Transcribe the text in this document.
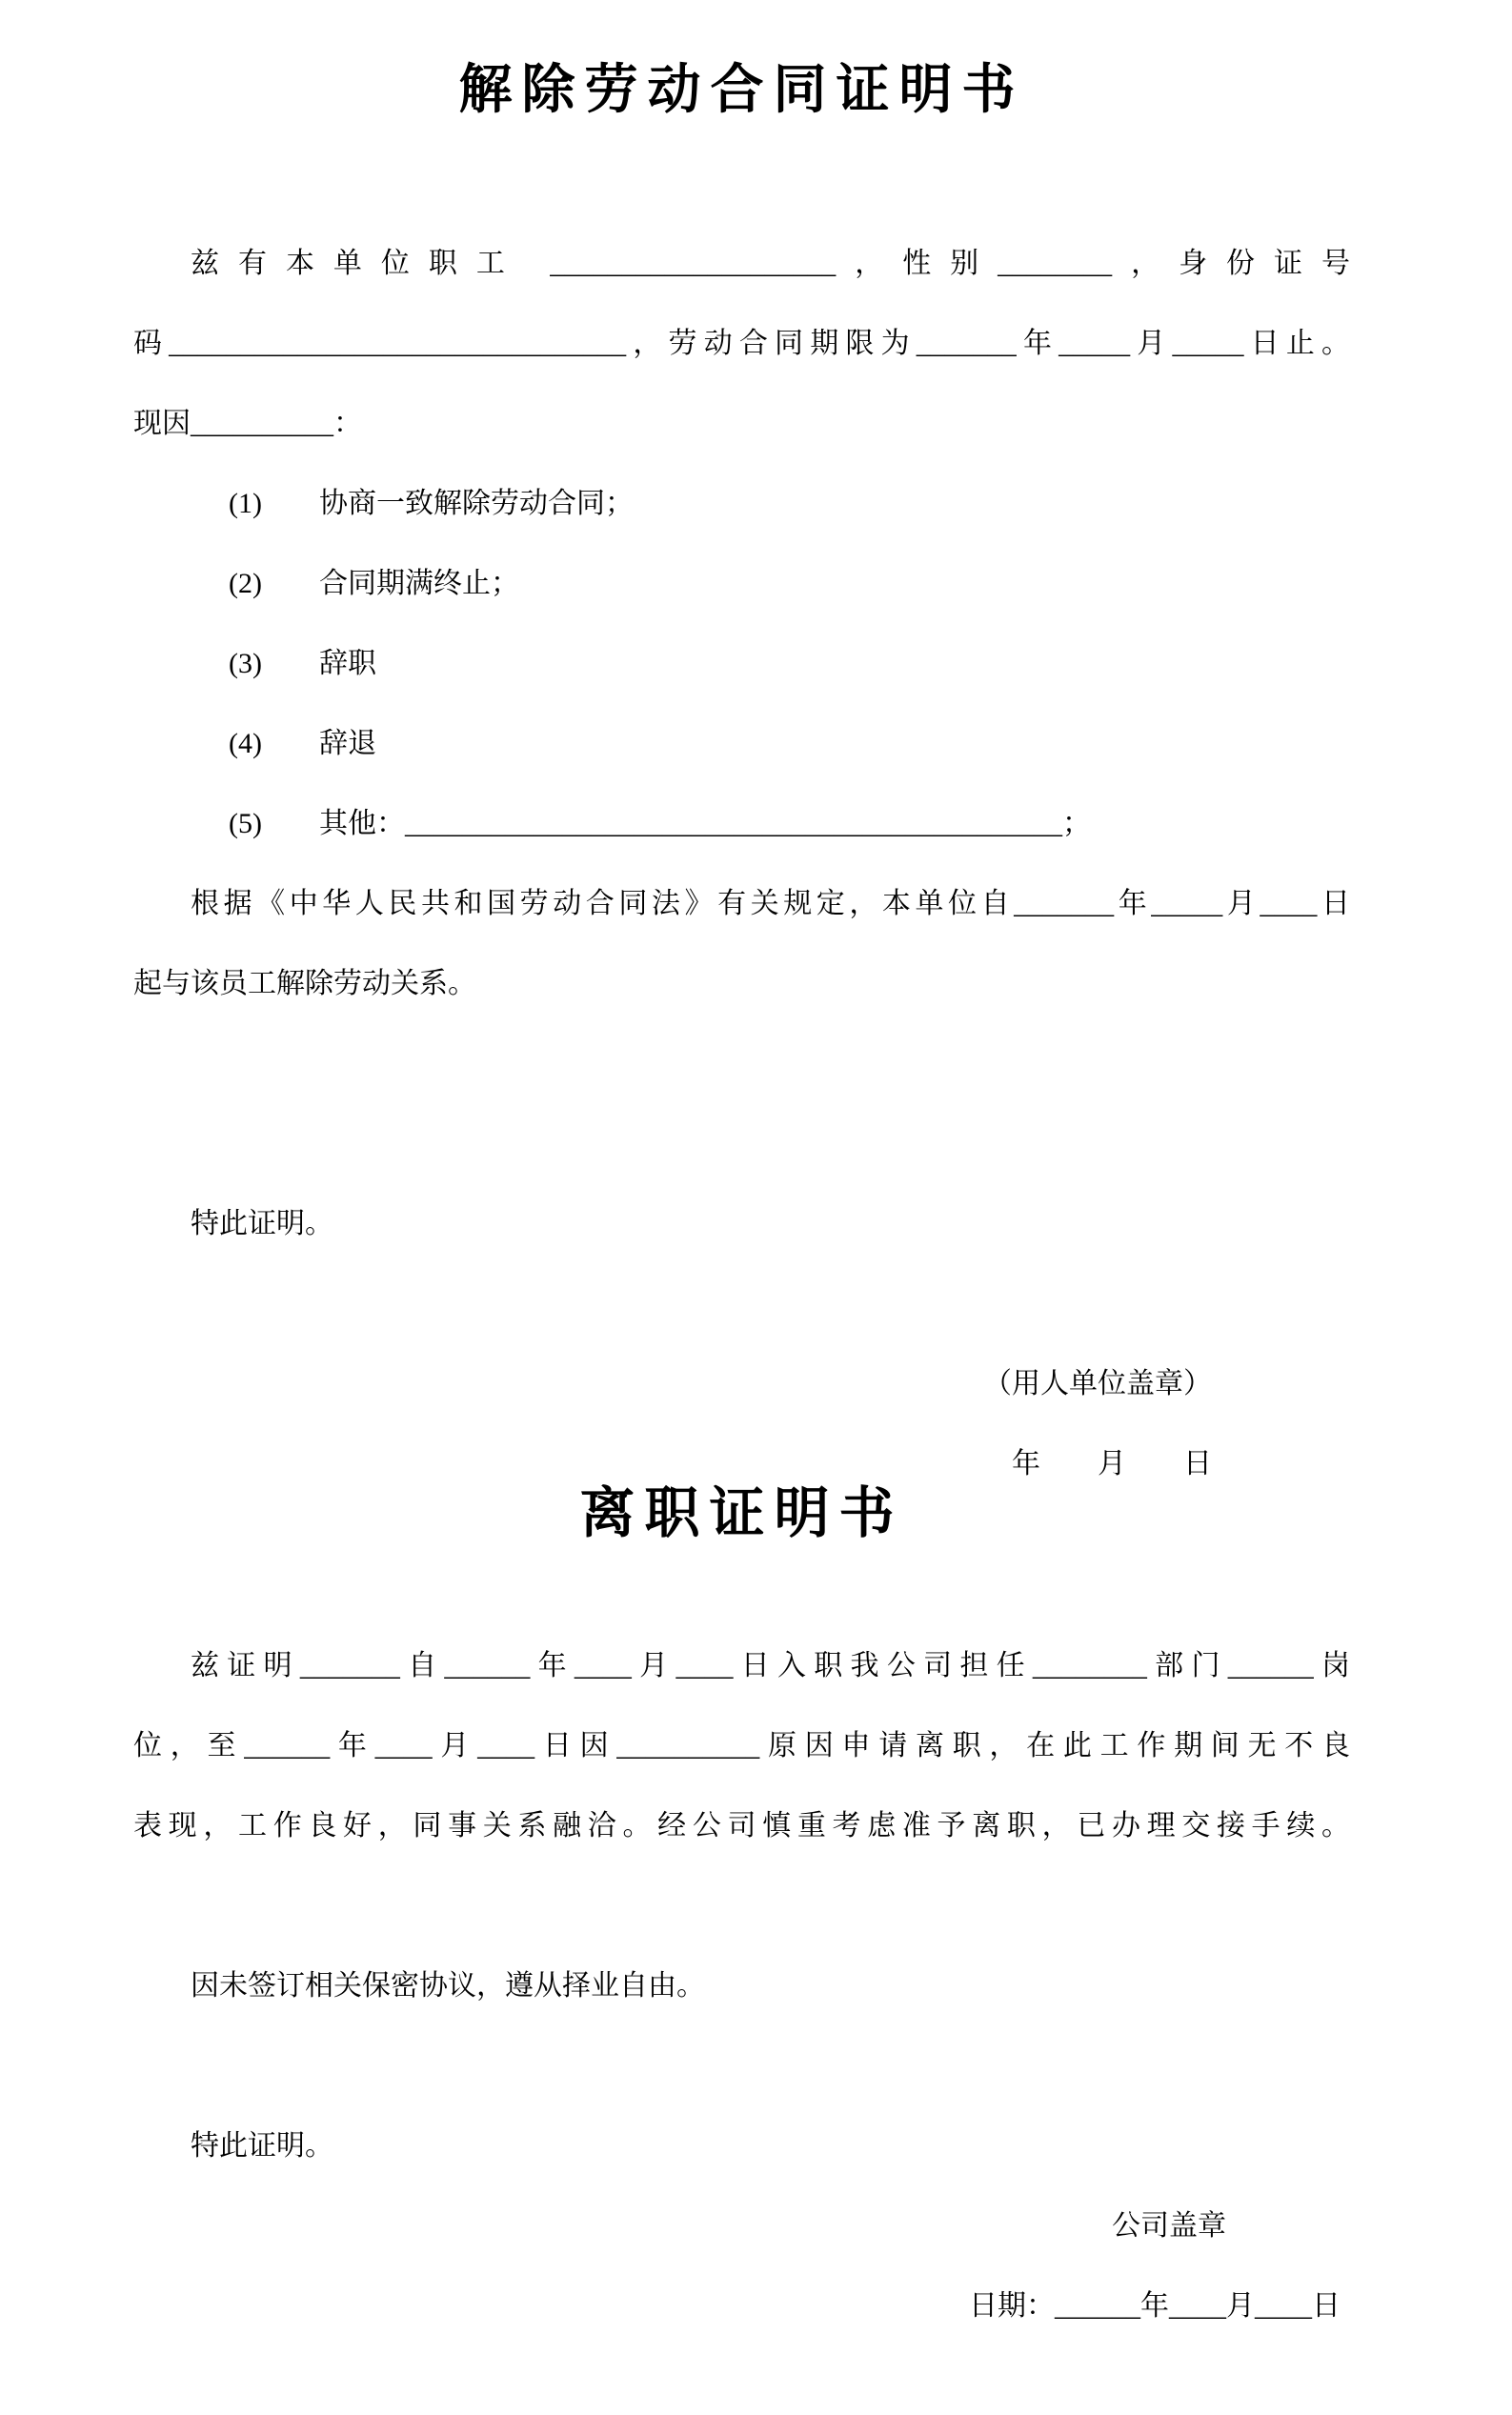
解除劳动合同证明书
兹有本单位职工 ____________________，性别________，身份证号
码________________________________，劳动合同期限为_______年_____月_____日止。
现因__________：
(1)　　协商一致解除劳动合同；
(2)　　合同期满终止；
(3)　　辞职
(4)　　辞退
(5)　　其他：______________________________________________；
根据《中华人民共和国劳动合同法》有关规定，本单位自_______年_____月____日
起与该员工解除劳动关系。

特此证明。

（用人单位盖章）
年　　月　　日
离职证明书
兹证明_______自______年____月____日入职我公司担任________部门______岗
位，至______年____月____日因__________原因申请离职，在此工作期间无不良
表现，工作良好，同事关系融洽。经公司慎重考虑准予离职，已办理交接手续。

因未签订相关保密协议，遵从择业自由。

特此证明。
公司盖章
日期：______年____月____日
